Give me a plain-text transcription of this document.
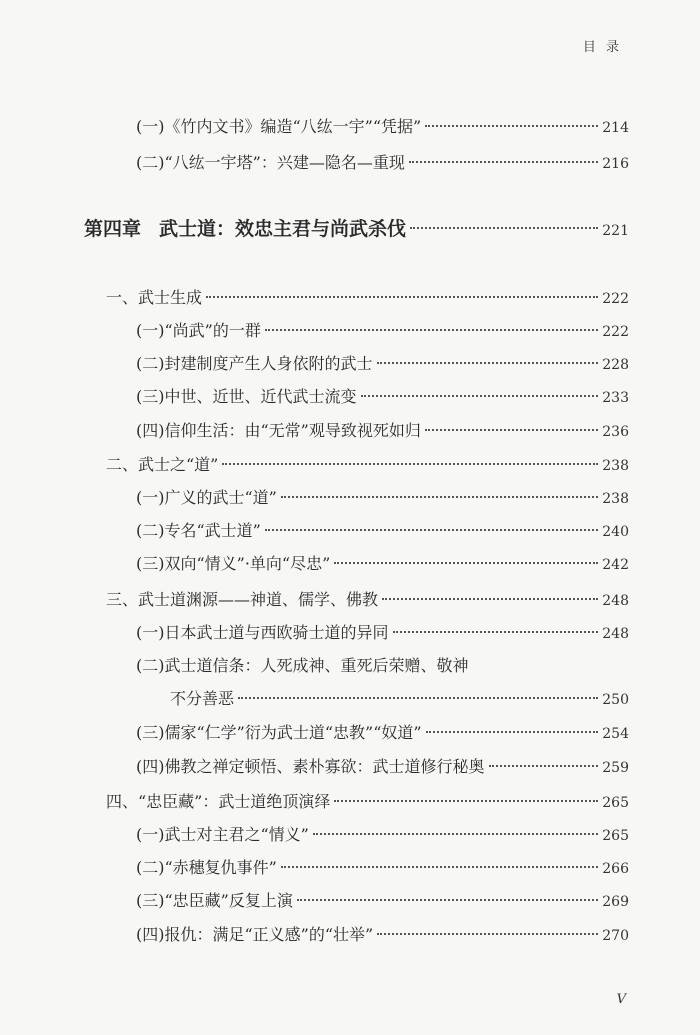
目 录
(一)《竹内文书》编造“八纮一宇”“凭据”	214
(二)“八纮一宇塔”：兴建—隐名—重现	216
第四章 武士道：效忠主君与尚武杀伐	221
一、武士生成	222
(一)“尚武”的一群	222
(二)封建制度产生人身依附的武士	228
(三)中世、近世、近代武士流变	233
(四)信仰生活：由“无常”观导致视死如归	236
二、武士之“道”	238
(一)广义的武士“道”	238
(二)专名“武士道”	240
(三)双向“情义”·单向“尽忠”	242
三、武士道渊源——神道、儒学、佛教	248
(一)日本武士道与西欧骑士道的异同	248
(二)武士道信条：人死成神、重死后荣赠、敬神
不分善恶	250
(三)儒家“仁学”衍为武士道“忠教”“奴道”	254
(四)佛教之禅定顿悟、素朴寡欲：武士道修行秘奥	259
四、“忠臣藏”：武士道绝顶演绎	265
(一)武士对主君之“情义”	265
(二)“赤穗复仇事件”	266
(三)“忠臣藏”反复上演	269
(四)报仇：满足“正义感”的“壮举”	270
V
